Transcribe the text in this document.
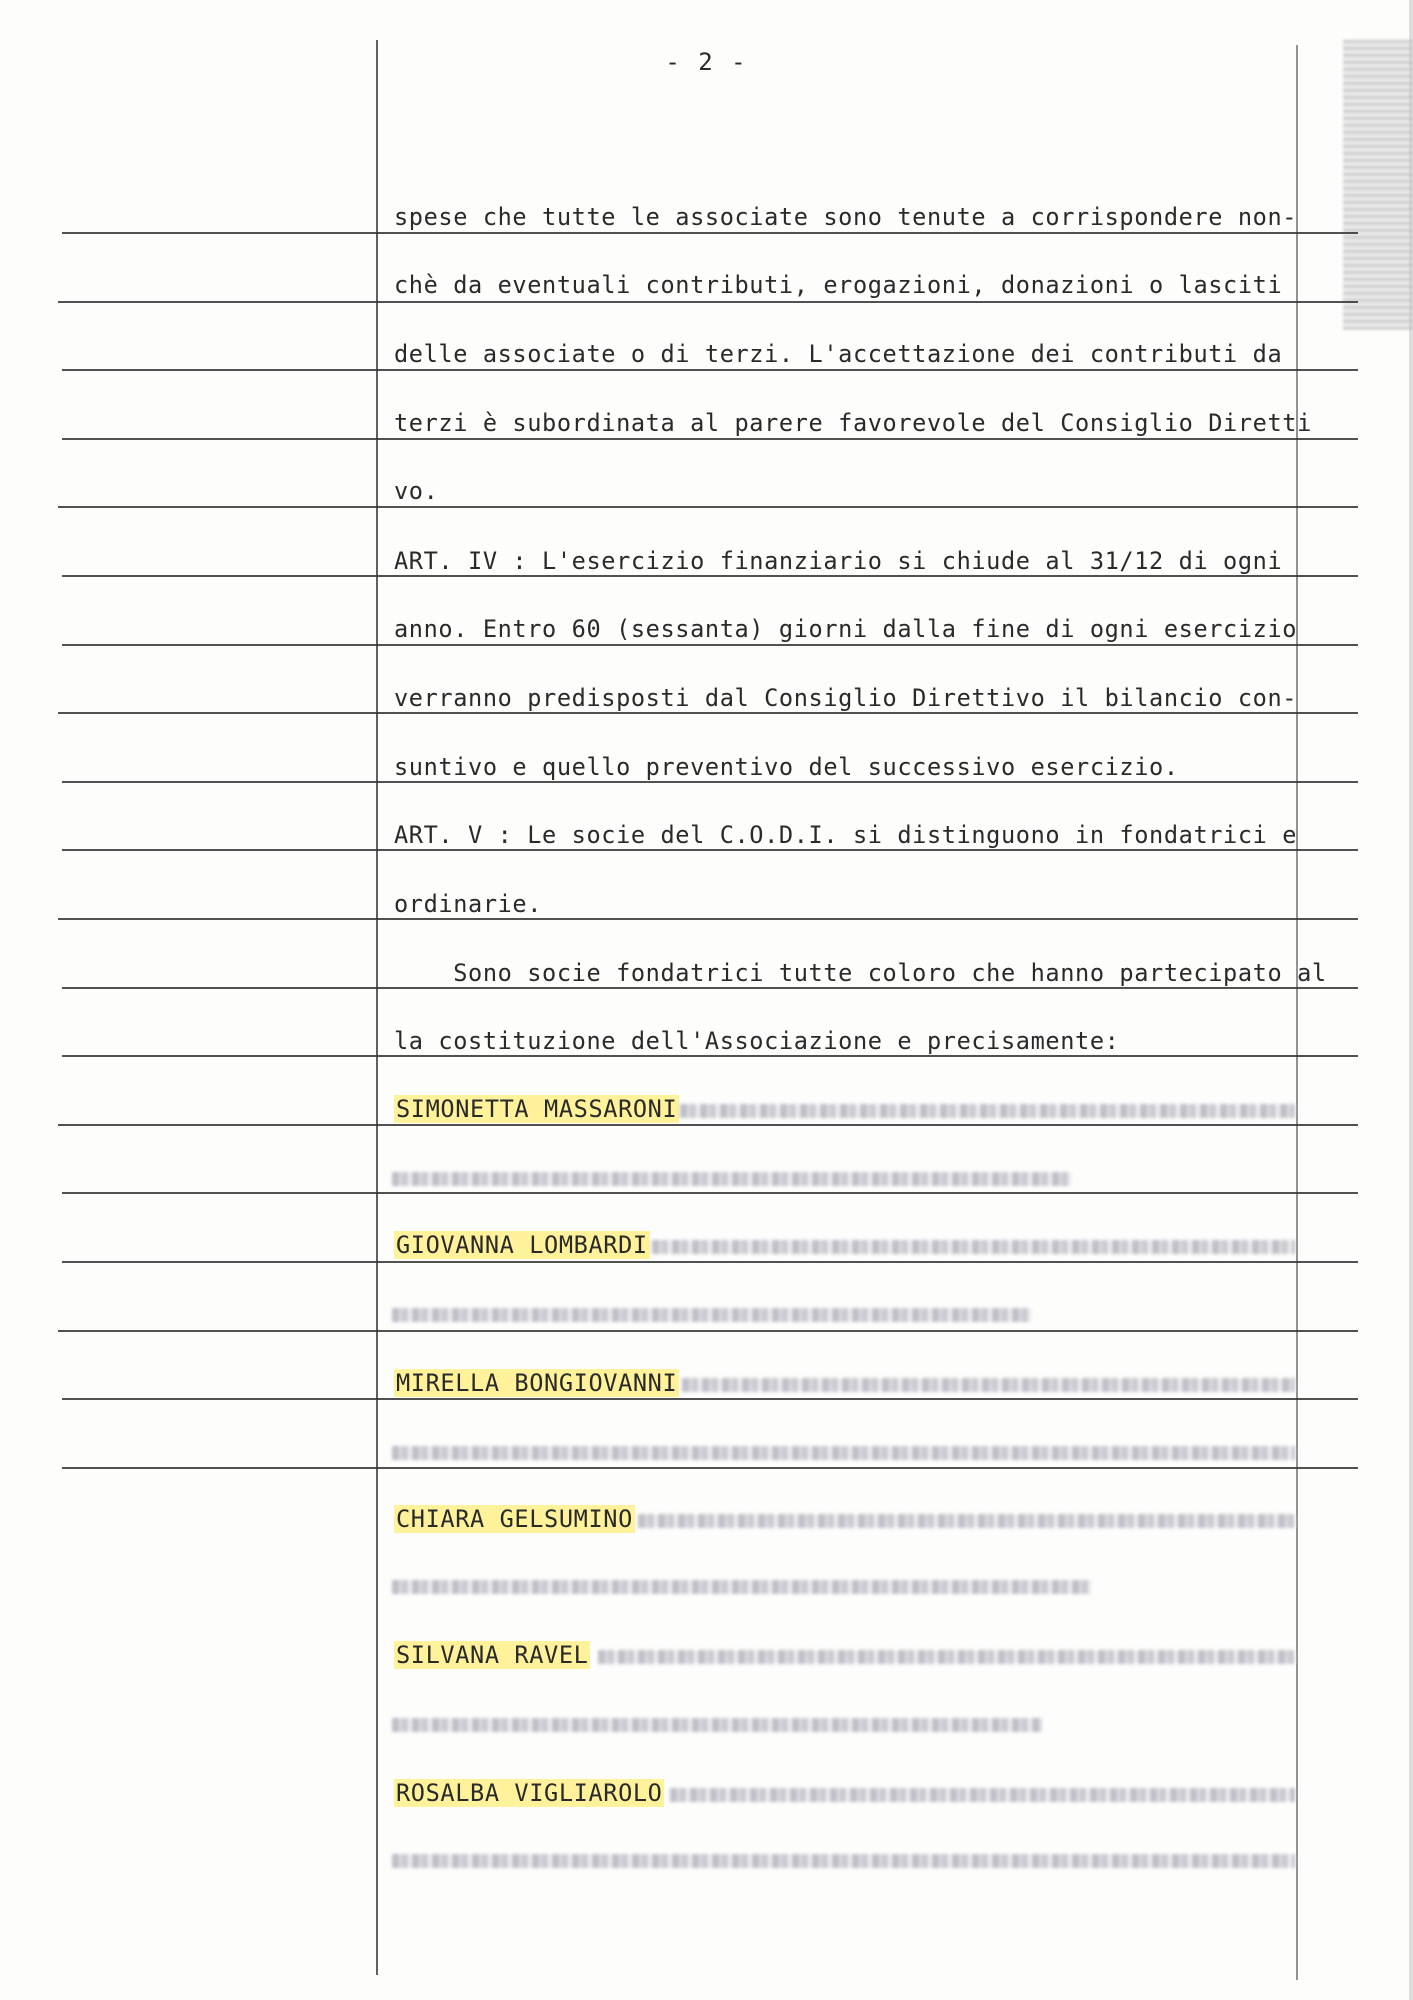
- 2 -
spese che tutte le associate sono tenute a corrispondere non-
chè da eventuali contributi, erogazioni, donazioni o lasciti
delle associate o di terzi. L'accettazione dei contributi da
terzi è subordinata al parere favorevole del Consiglio Diretti
vo.
ART. IV : L'esercizio finanziario si chiude al 31/12 di ogni
anno. Entro 60 (sessanta) giorni dalla fine di ogni esercizio
verranno predisposti dal Consiglio Direttivo il bilancio con-
suntivo e quello preventivo del successivo esercizio.
ART. V : Le socie del C.O.D.I. si distinguono in fondatrici e
ordinarie.
Sono socie fondatrici tutte coloro che hanno partecipato al
la costituzione dell'Associazione e precisamente:
SIMONETTA MASSARONI
GIOVANNA LOMBARDI
MIRELLA BONGIOVANNI
CHIARA GELSUMINO
SILVANA RAVEL
ROSALBA VIGLIAROLO
